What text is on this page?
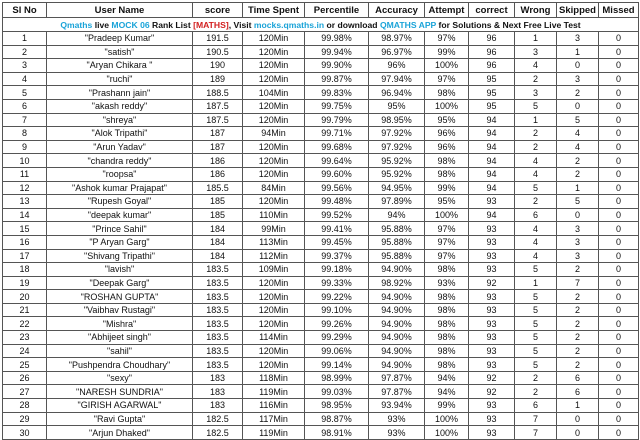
Sl No	User Name	score	Time Spent	Percentile	Accuracy	Attempt	correct	Wrong	Skipped	Missed
Qmaths live MOCK 06 Rank List [MATHS], Visit mocks.qmaths.in or download QMATHS APP for Solutions & Next Free Live Test										
1	"Pradeep Kumar"	191.5	120Min	99.98%	98.97%	97%	96	1	3	0
2	"satish"	190.5	120Min	99.94%	96.97%	99%	96	3	1	0
3	"Aryan Chikara "	190	120Min	99.90%	96%	100%	96	4	0	0
4	"ruchi"	189	120Min	99.87%	97.94%	97%	95	2	3	0
5	"Prashann jain"	188.5	104Min	99.83%	96.94%	98%	95	3	2	0
6	"akash reddy"	187.5	120Min	99.75%	95%	100%	95	5	0	0
7	"shreya"	187.5	120Min	99.79%	98.95%	95%	94	1	5	0
8	"Alok Tripathi"	187	94Min	99.71%	97.92%	96%	94	2	4	0
9	"Arun Yadav"	187	120Min	99.68%	97.92%	96%	94	2	4	0
10	"chandra reddy"	186	120Min	99.64%	95.92%	98%	94	4	2	0
11	"roopsa"	186	120Min	99.60%	95.92%	98%	94	4	2	0
12	"Ashok kumar Prajapat"	185.5	84Min	99.56%	94.95%	99%	94	5	1	0
13	"Rupesh Goyal"	185	120Min	99.48%	97.89%	95%	93	2	5	0
14	"deepak kumar"	185	110Min	99.52%	94%	100%	94	6	0	0
15	"Prince Sahil"	184	99Min	99.41%	95.88%	97%	93	4	3	0
16	"P Aryan Garg"	184	113Min	99.45%	95.88%	97%	93	4	3	0
17	"Shivang Tripathi"	184	112Min	99.37%	95.88%	97%	93	4	3	0
18	"lavish"	183.5	109Min	99.18%	94.90%	98%	93	5	2	0
19	"Deepak Garg"	183.5	120Min	99.33%	98.92%	93%	92	1	7	0
20	"ROSHAN GUPTA"	183.5	120Min	99.22%	94.90%	98%	93	5	2	0
21	"Vaibhav Rustagi"	183.5	120Min	99.10%	94.90%	98%	93	5	2	0
22	"Mishra"	183.5	120Min	99.26%	94.90%	98%	93	5	2	0
23	"Abhijeet singh"	183.5	114Min	99.29%	94.90%	98%	93	5	2	0
24	"sahil"	183.5	120Min	99.06%	94.90%	98%	93	5	2	0
25	"Pushpendra Choudhary"	183.5	120Min	99.14%	94.90%	98%	93	5	2	0
26	"sexy"	183	118Min	98.99%	97.87%	94%	92	2	6	0
27	"NARESH SUNDRIA"	183	119Min	99.03%	97.87%	94%	92	2	6	0
28	"GIRISH AGARWAL"	183	116Min	98.95%	93.94%	99%	93	6	1	0
29	"Ravi Gupta"	182.5	117Min	98.87%	93%	100%	93	7	0	0
30	"Arjun Dhaked"	182.5	119Min	98.91%	93%	100%	93	7	0	0
